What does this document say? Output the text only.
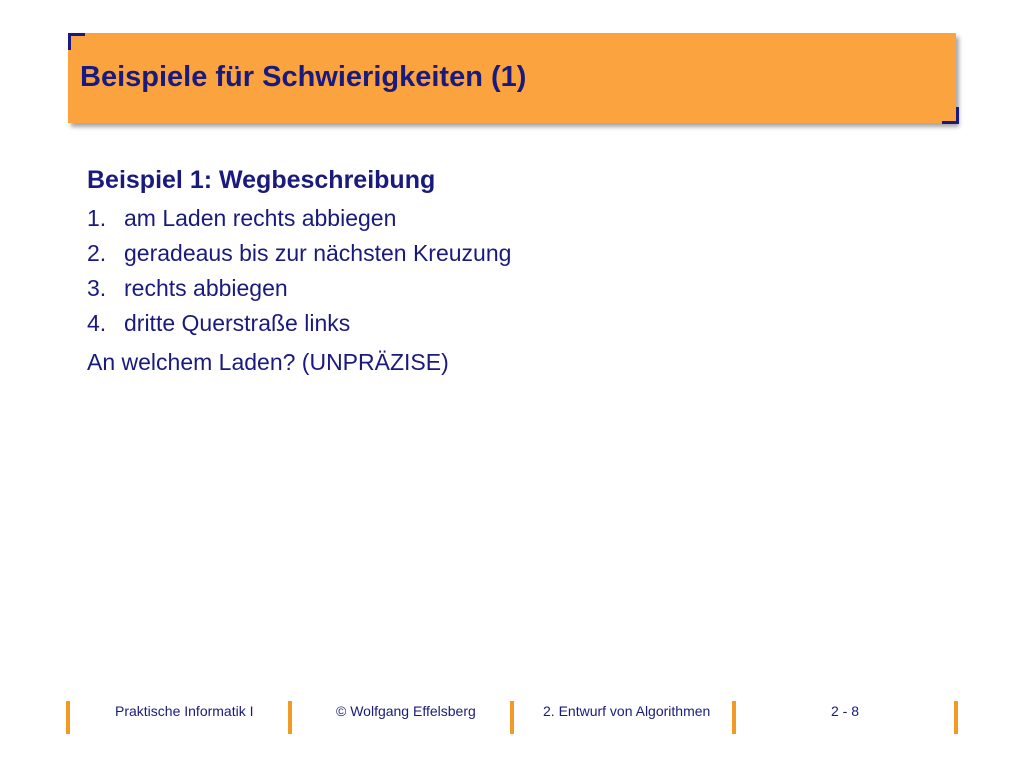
Beispiele für Schwierigkeiten (1)
Beispiel 1: Wegbeschreibung
1. am Laden rechts abbiegen
2. geradeaus bis zur nächsten Kreuzung
3. rechts abbiegen
4. dritte Querstraße links
An welchem Laden? (UNPRÄZISE)
Praktische Informatik I	© Wolfgang Effelsberg	2. Entwurf von Algorithmen	2 - 8
